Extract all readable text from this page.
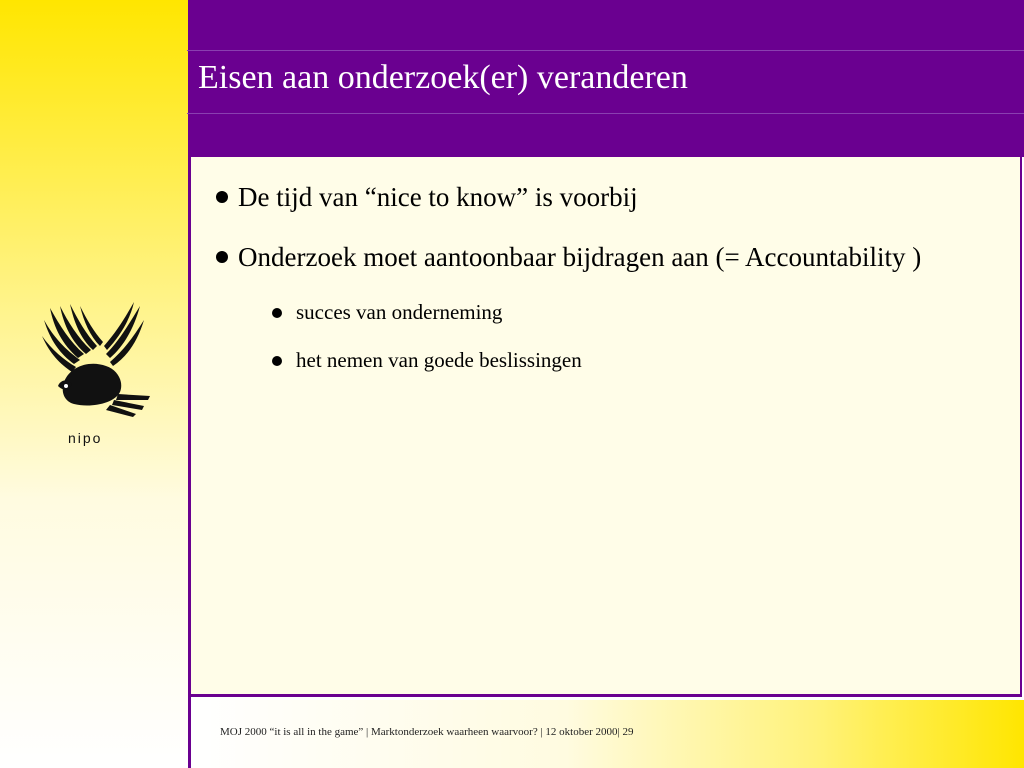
Eisen aan onderzoek(er) veranderen
De tijd van “nice to know” is voorbij
Onderzoek moet aantoonbaar bijdragen aan (= Accountability )
succes van onderneming
het nemen van goede beslissingen
nipo
MOJ 2000 “it is all in the game” | Marktonderzoek waarheen waarvoor? | 12 oktober 2000| 29
